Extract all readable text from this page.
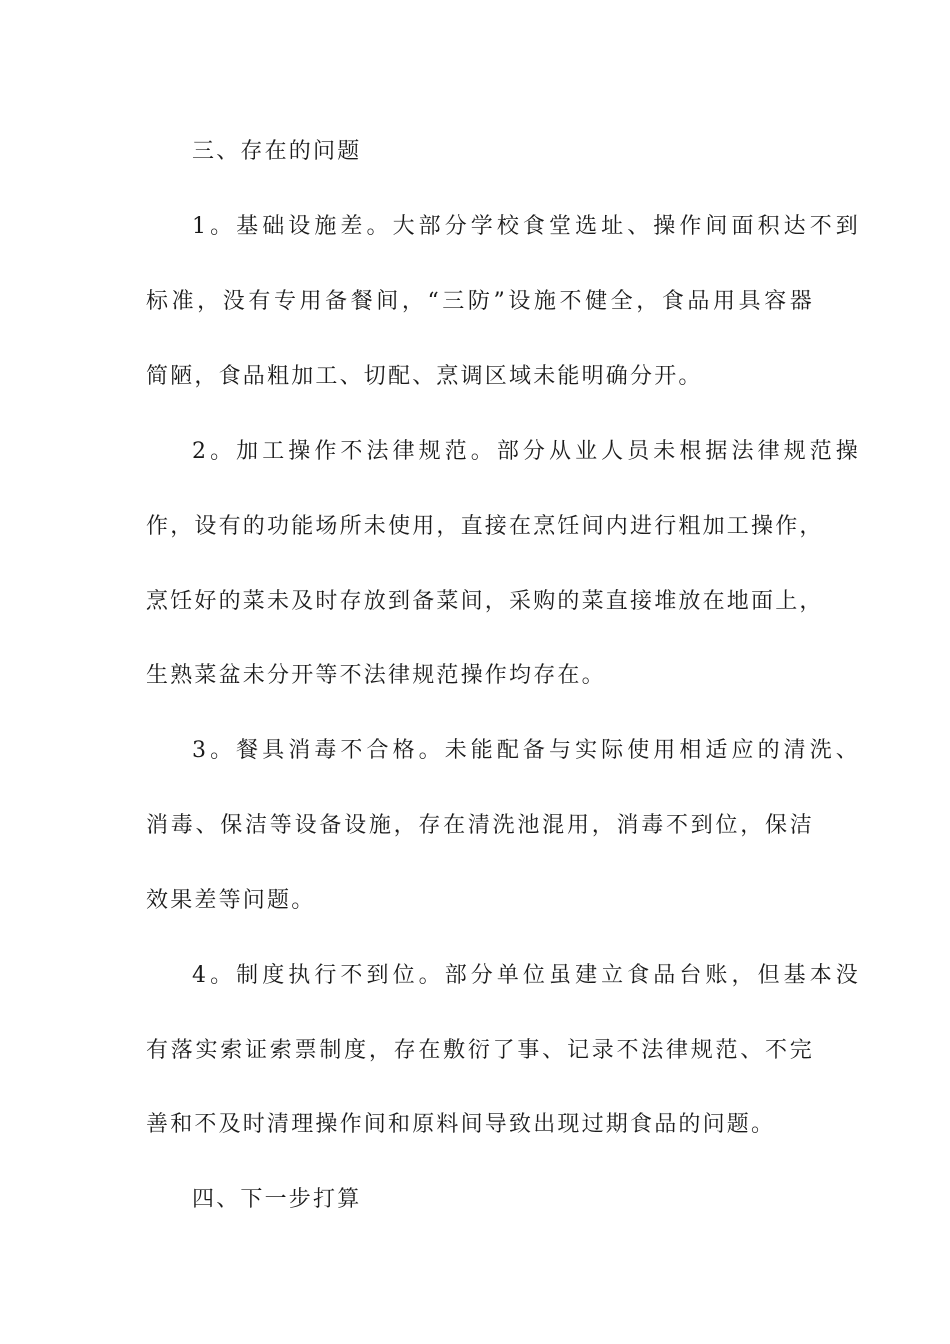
三、存在的问题
1。基础设施差。大部分学校食堂选址、操作间面积达不到
标准，没有专用备餐间，“三防”设施不健全，食品用具容器
简陋，食品粗加工、切配、烹调区域未能明确分开。
2。加工操作不法律规范。部分从业人员未根据法律规范操
作，设有的功能场所未使用，直接在烹饪间内进行粗加工操作，
烹饪好的菜未及时存放到备菜间，采购的菜直接堆放在地面上，
生熟菜盆未分开等不法律规范操作均存在。
3。餐具消毒不合格。未能配备与实际使用相适应的清洗、
消毒、保洁等设备设施，存在清洗池混用，消毒不到位，保洁
效果差等问题。
4。制度执行不到位。部分单位虽建立食品台账，但基本没
有落实索证索票制度，存在敷衍了事、记录不法律规范、不完
善和不及时清理操作间和原料间导致出现过期食品的问题。
四、下一步打算
